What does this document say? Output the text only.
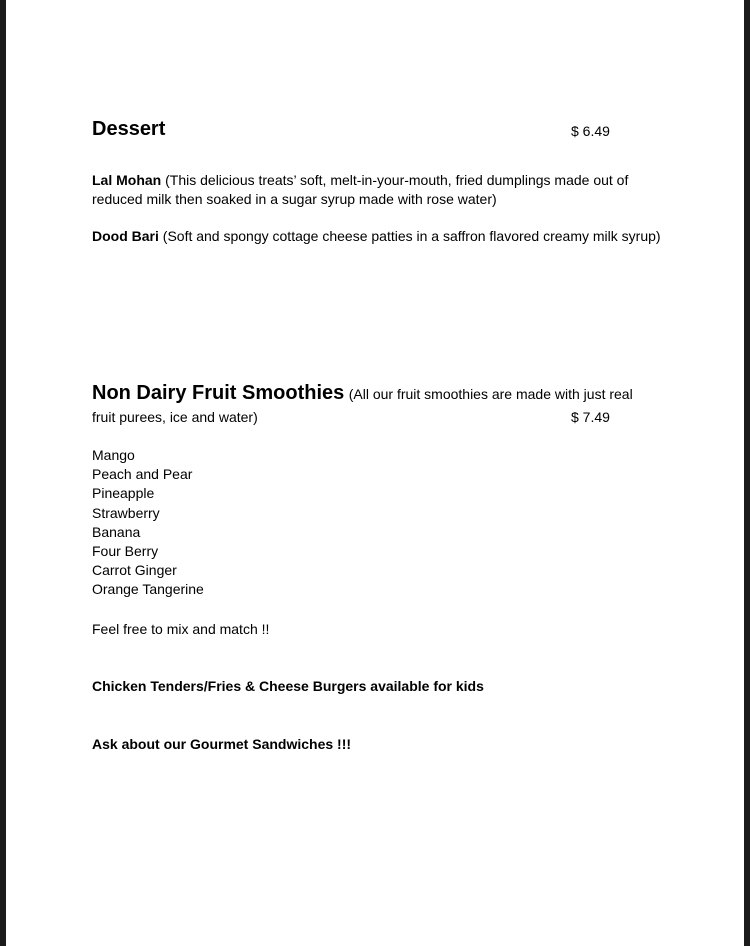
Dessert	$ 6.49
Lal Mohan (This delicious treats’ soft, melt-in-your-mouth, fried dumplings made out of reduced milk then soaked in a sugar syrup made with rose water)
Dood Bari (Soft and spongy cottage cheese patties in a saffron flavored creamy milk syrup)
Non Dairy Fruit Smoothies (All our fruit smoothies are made with just real
fruit purees, ice and water)	$ 7.49
Mango
Peach and Pear
Pineapple
Strawberry
Banana
Four Berry
Carrot Ginger
Orange Tangerine
Feel free to mix and match !!
Chicken Tenders/Fries & Cheese Burgers available for kids
Ask about our Gourmet Sandwiches !!!
